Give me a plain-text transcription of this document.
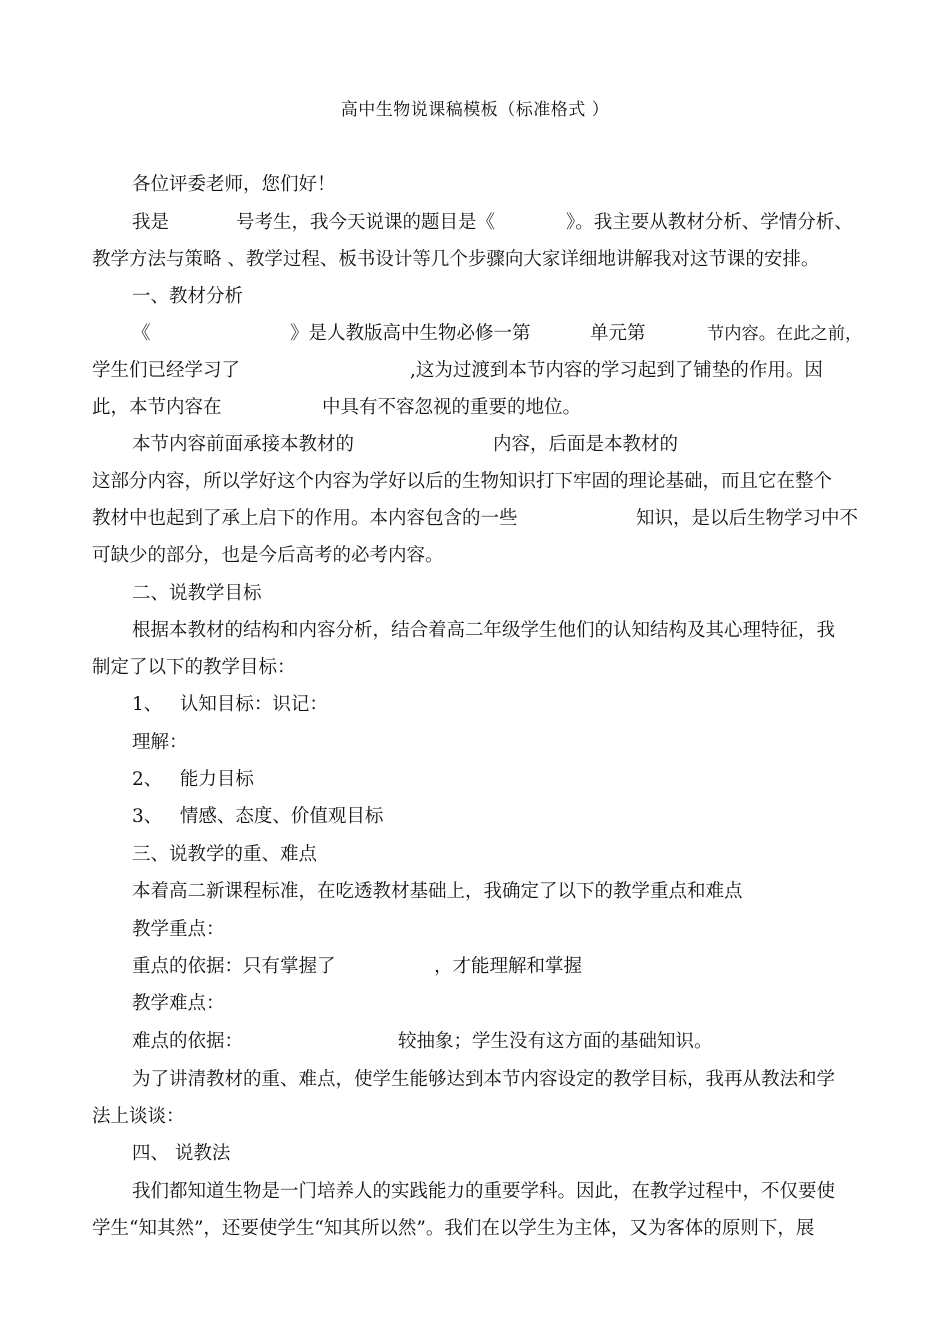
高中生物说课稿模板（标准格式 ）
各位评委老师，您们好！
我是	号考生，我今天说课的题目是《	》。我主要从教材分析、学情分析、
教学方法与策略 、教学过程、板书设计等几个步骤向大家详细地讲解我对这节课的安排。
一、教材分析
《	》是人教版高中生物必修一第	单元第	节内容。在此之前，
学生们已经学习了	,这为过渡到本节内容的学习起到了铺垫的作用。因
此，本节内容在	中具有不容忽视的重要的地位。
本节内容前面承接本教材的	内容，后面是本教材的
这部分内容，所以学好这个内容为学好以后的生物知识打下牢固的理论基础，而且它在整个
教材中也起到了承上启下的作用。本内容包含的一些	知识，是以后生物学习中不
可缺少的部分，也是今后高考的必考内容。
二、说教学目标
根据本教材的结构和内容分析，结合着高二年级学生他们的认知结构及其心理特征，我
制定了以下的教学目标：
1、   认知目标：识记：
理解：
2、   能力目标
3、   情感、态度、价值观目标
三、说教学的重、难点
本着高二新课程标准，在吃透教材基础上，我确定了以下的教学重点和难点
教学重点：
重点的依据：只有掌握了	，才能理解和掌握
教学难点：
难点的依据：	较抽象；学生没有这方面的基础知识。
为了讲清教材的重、难点，使学生能够达到本节内容设定的教学目标，我再从教法和学
法上谈谈：
四、 说教法
我们都知道生物是一门培养人的实践能力的重要学科。因此，在教学过程中，不仅要使
学生“知其然”，还要使学生“知其所以然”。我们在以学生为主体，又为客体的原则下，展
